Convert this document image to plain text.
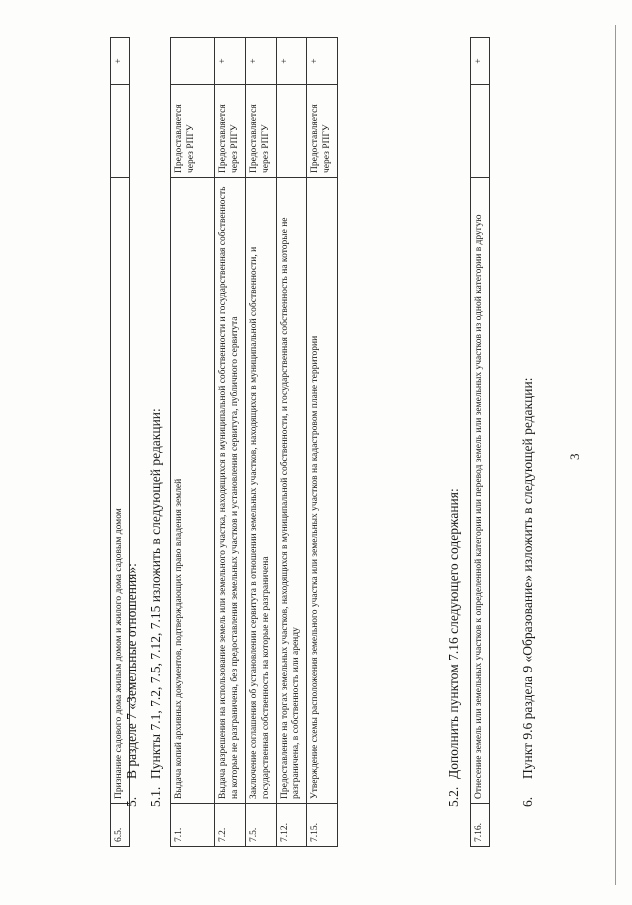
3
6.5.	Признание садового дома жилым домом и жилого дома садовым домом		+
5.В разделе 7 «Земельные отношения»:
5.1.Пункты 7.1, 7.2, 7.5, 7.12, 7.15 изложить в следующей редакции:
7.1.	Выдача копий архивных документов, подтверждающих право владения землей	Предоставляется через РПГУ	
7.2.	Выдача разрешения на использование земель или земельного участка, находящихся в муниципальной собственности и государственная собственность на которые не разграничена, без предоставления земельных участков и установления сервитута, публичного сервитута	Предоставляется через РПГУ	+
7.5.	Заключение соглашения об установлении сервитута в отношении земельных участков, находящихся в муниципальной собственности, и государственная собственность на которые не разграничена	Предоставляется через РПГУ	+
7.12.	Предоставление на торгах земельных участков, находящихся в муниципальной собственности, и государственная собственность на которые не разграничена, в собственность или аренду		+
7.15.	Утверждение схемы расположения земельного участка или земельных участков на кадастровом плане территории	Предоставляется через РПГУ	+
5.2.Дополнить пунктом 7.16 следующего содержания:
7.16.	Отнесение земель или земельных участков к определенной категории или перевод земель или земельных участков из одной категории в другую		+
6.Пункт 9.6 раздела 9 «Образование» изложить в следующей редакции:
